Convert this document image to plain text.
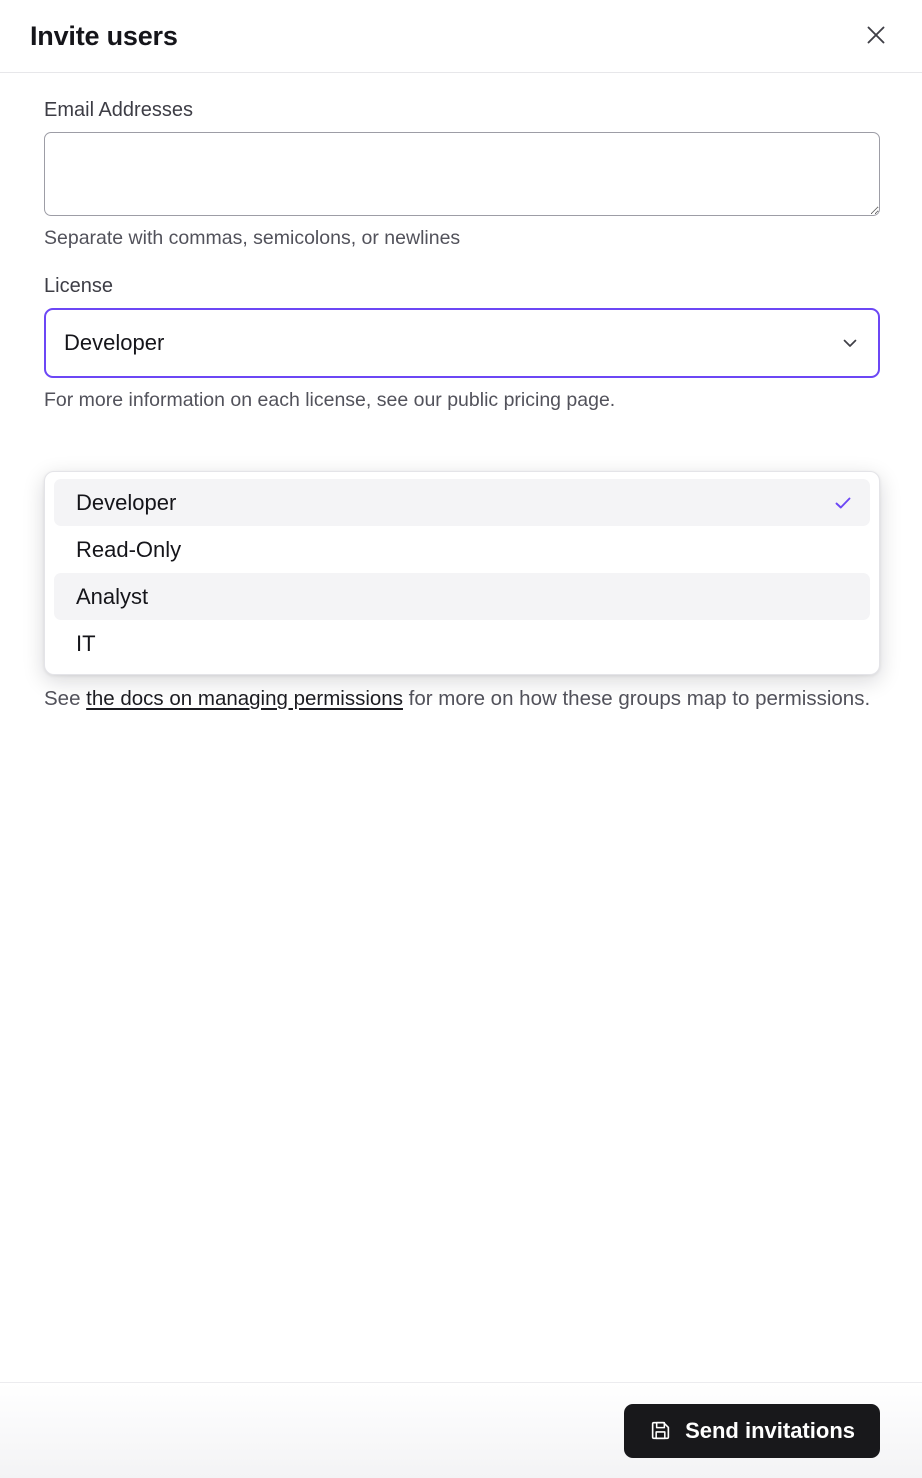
Invite users
Email Addresses
Separate with commas, semicolons, or newlines
License
Developer
For more information on each license, see our public pricing page.
Developer
Read-Only
Analyst
IT
See the docs on managing permissions for more on how these groups map to permissions.
Send invitations
